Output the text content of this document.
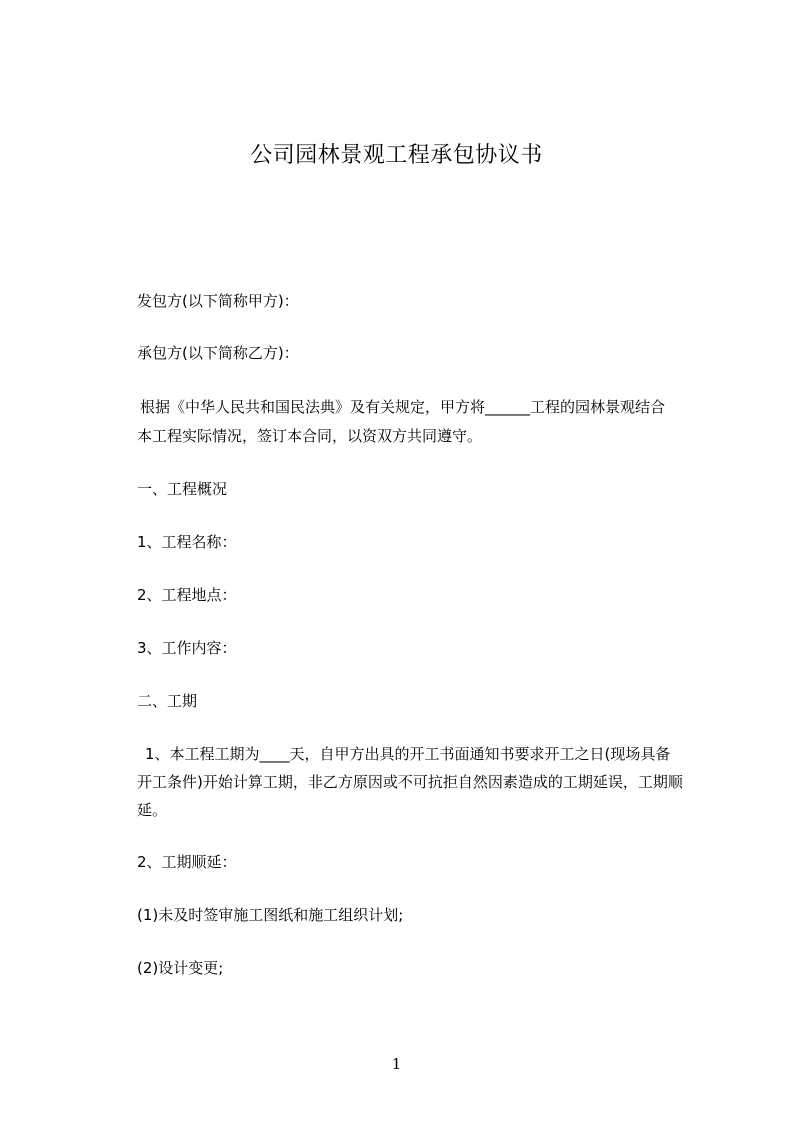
公司园林景观工程承包协议书
发包方(以下简称甲方)：
承包方(以下简称乙方)：
根据《中华人民共和国民法典》及有关规定，甲方将______工程的园林景观结合
本工程实际情况，签订本合同，以资双方共同遵守。
一、工程概况
1、工程名称：
2、工程地点：
3、工作内容：
二、工期
1、本工程工期为____天，自甲方出具的开工书面通知书要求开工之日(现场具备
开工条件)开始计算工期，非乙方原因或不可抗拒自然因素造成的工期延误，工期顺
延。
2、工期顺延：
(1)未及时签审施工图纸和施工组织计划;
(2)设计变更;
1
